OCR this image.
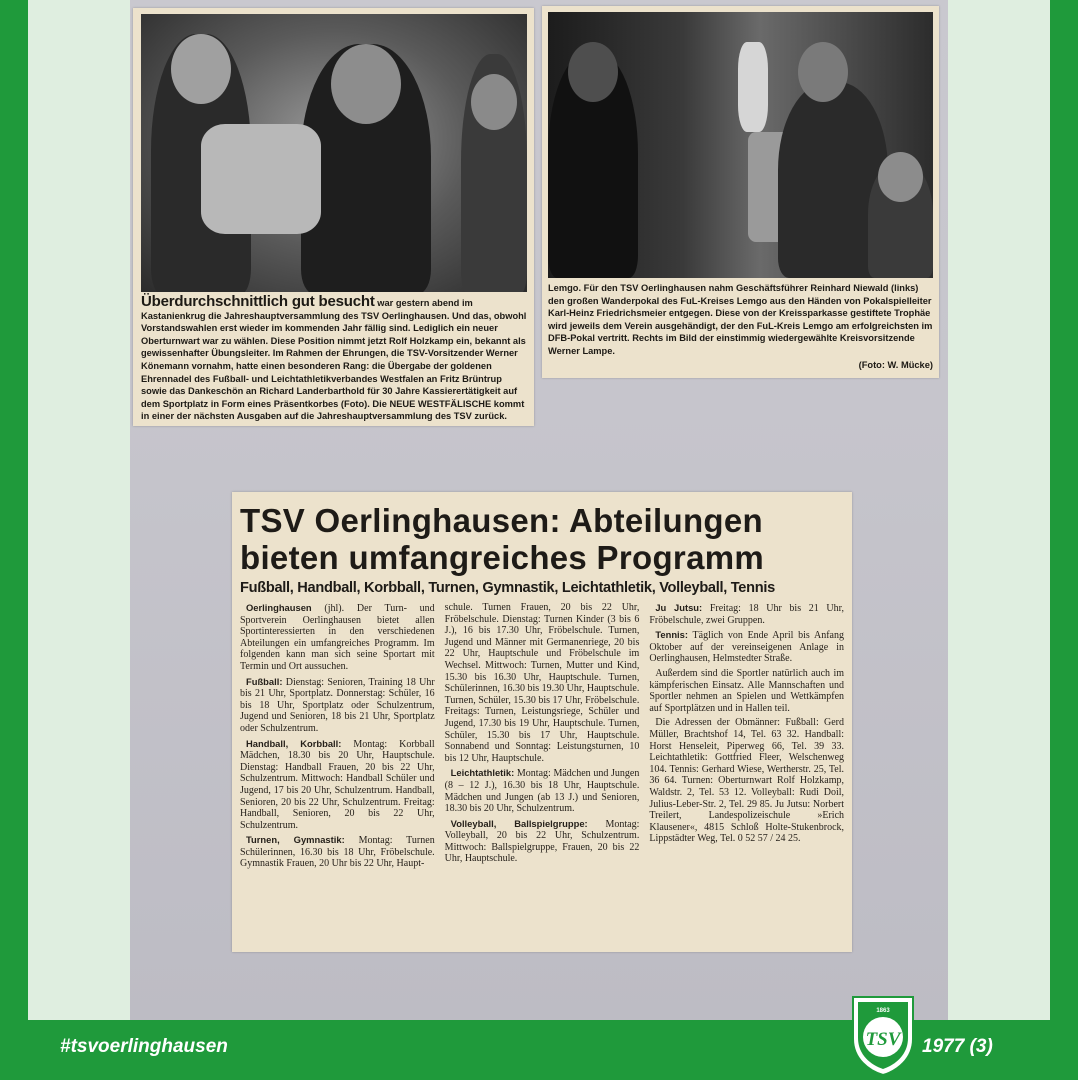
Überdurchschnittlich gut besucht war gestern abend im Kastanienkrug die Jahreshauptversammlung des TSV Oerlinghausen. Und das, obwohl Vorstandswahlen erst wieder im kommenden Jahr fällig sind. Lediglich ein neuer Oberturnwart war zu wählen. Diese Position nimmt jetzt Rolf Holzkamp ein, bekannt als gewissenhafter Übungsleiter. Im Rahmen der Ehrungen, die TSV-Vorsitzender Werner Könemann vornahm, hatte einen besonderen Rang: die Übergabe der goldenen Ehrennadel des Fußball- und Leichtathletikverbandes Westfalen an Fritz Brüntrup sowie das Dankeschön an Richard Landerbarthold für 30 Jahre Kassierertätigkeit auf dem Sportplatz in Form eines Präsentkorbes (Foto). Die NEUE WESTFÄLISCHE kommt in einer der nächsten Ausgaben auf die Jahreshauptversammlung des TSV zurück.
Lemgo. Für den TSV Oerlinghausen nahm Geschäftsführer Reinhard Niewald (links) den großen Wanderpokal des FuL-Kreises Lemgo aus den Händen von Pokalspielleiter Karl-Heinz Friedrichsmeier entgegen. Diese von der Kreissparkasse gestiftete Trophäe wird jeweils dem Verein ausgehändigt, der den FuL-Kreis Lemgo am erfolgreichsten im DFB-Pokal vertritt. Rechts im Bild der einstimmig wiedergewählte Kreisvorsitzende Werner Lampe.
(Foto: W. Mücke)
TSV Oerlinghausen: Abteilungen bieten umfangreiches Programm
Fußball, Handball, Korbball, Turnen, Gymnastik, Leichtathletik, Volleyball, Tennis

Oerlinghausen (jhl). Der Turn- und Sportverein Oerlinghausen bietet allen Sportinteressierten in den verschiedenen Abteilungen ein umfangreiches Programm. Im folgenden kann man sich seine Sportart mit Termin und Ort aussuchen.

Fußball: Dienstag: Senioren, Training 18 Uhr bis 21 Uhr, Sportplatz. Donnerstag: Schüler, 16 bis 18 Uhr, Sportplatz oder Schulzentrum, Jugend und Senioren, 18 bis 21 Uhr, Sportplatz oder Schulzentrum.

Handball, Korbball: Montag: Korbball Mädchen, 18.30 bis 20 Uhr, Hauptschule. Dienstag: Handball Frauen, 20 bis 22 Uhr, Schulzentrum. Mittwoch: Handball Schüler und Jugend, 17 bis 20 Uhr, Schulzentrum. Handball, Senioren, 20 bis 22 Uhr, Schulzentrum. Freitag: Handball, Senioren, 20 bis 22 Uhr, Schulzentrum.

Turnen, Gymnastik: Montag: Turnen Schülerinnen, 16.30 bis 18 Uhr, Fröbelschule. Gymnastik Frauen, 20 Uhr bis 22 Uhr, Haupt-

schule. Turnen Frauen, 20 bis 22 Uhr, Fröbelschule. Dienstag: Turnen Kinder (3 bis 6 J.), 16 bis 17.30 Uhr, Fröbelschule. Turnen, Jugend und Männer mit Germanenriege, 20 bis 22 Uhr, Hauptschule und Fröbelschule im Wechsel. Mittwoch: Turnen, Mutter und Kind, 15.30 bis 16.30 Uhr, Hauptschule. Turnen, Schülerinnen, 16.30 bis 19.30 Uhr, Hauptschule. Turnen, Schüler, 15.30 bis 17 Uhr, Fröbelschule. Freitags: Turnen, Leistungsriege, Schüler und Jugend, 17.30 bis 19 Uhr, Hauptschule. Turnen, Schüler, 15.30 bis 17 Uhr, Hauptschule. Sonnabend und Sonntag: Leistungsturnen, 10 bis 12 Uhr, Hauptschule.

Leichtathletik: Montag: Mädchen und Jungen (8 – 12 J.), 16.30 bis 18 Uhr, Hauptschule. Mädchen und Jungen (ab 13 J.) und Senioren, 18.30 bis 20 Uhr, Schulzentrum.

Volleyball, Ballspielgruppe: Montag: Volleyball, 20 bis 22 Uhr, Schulzentrum. Mittwoch: Ballspielgruppe, Frauen, 20 bis 22 Uhr, Hauptschule.

Ju Jutsu: Freitag: 18 Uhr bis 21 Uhr, Fröbelschule, zwei Gruppen.

Tennis: Täglich von Ende April bis Anfang Oktober auf der vereinseigenen Anlage in Oerlinghausen, Helmstedter Straße.

Außerdem sind die Sportler natürlich auch im kämpferischen Einsatz. Alle Mannschaften und Sportler nehmen an Spielen und Wettkämpfen auf Sportplätzen und in Hallen teil.

Die Adressen der Obmänner: Fußball: Gerd Müller, Brachtshof 14, Tel. 63 32. Handball: Horst Henseleit, Piperweg 66, Tel. 39 33. Leichtathletik: Gottfried Fleer, Welschenweg 104. Tennis: Gerhard Wiese, Wertherstr. 25, Tel. 36 64. Turnen: Oberturnwart Rolf Holzkamp, Waldstr. 2, Tel. 53 12. Volleyball: Rudi Doil, Julius-Leber-Str. 2, Tel. 29 85. Ju Jutsu: Norbert Treilert, Landespolizeischule »Erich Klausener«, 4815 Schloß Holte-Stukenbrock, Lippstädter Weg, Tel. 0 52 57 / 24 25.

#tsvoerlinghausen	1977 (3)
1863
TSV
